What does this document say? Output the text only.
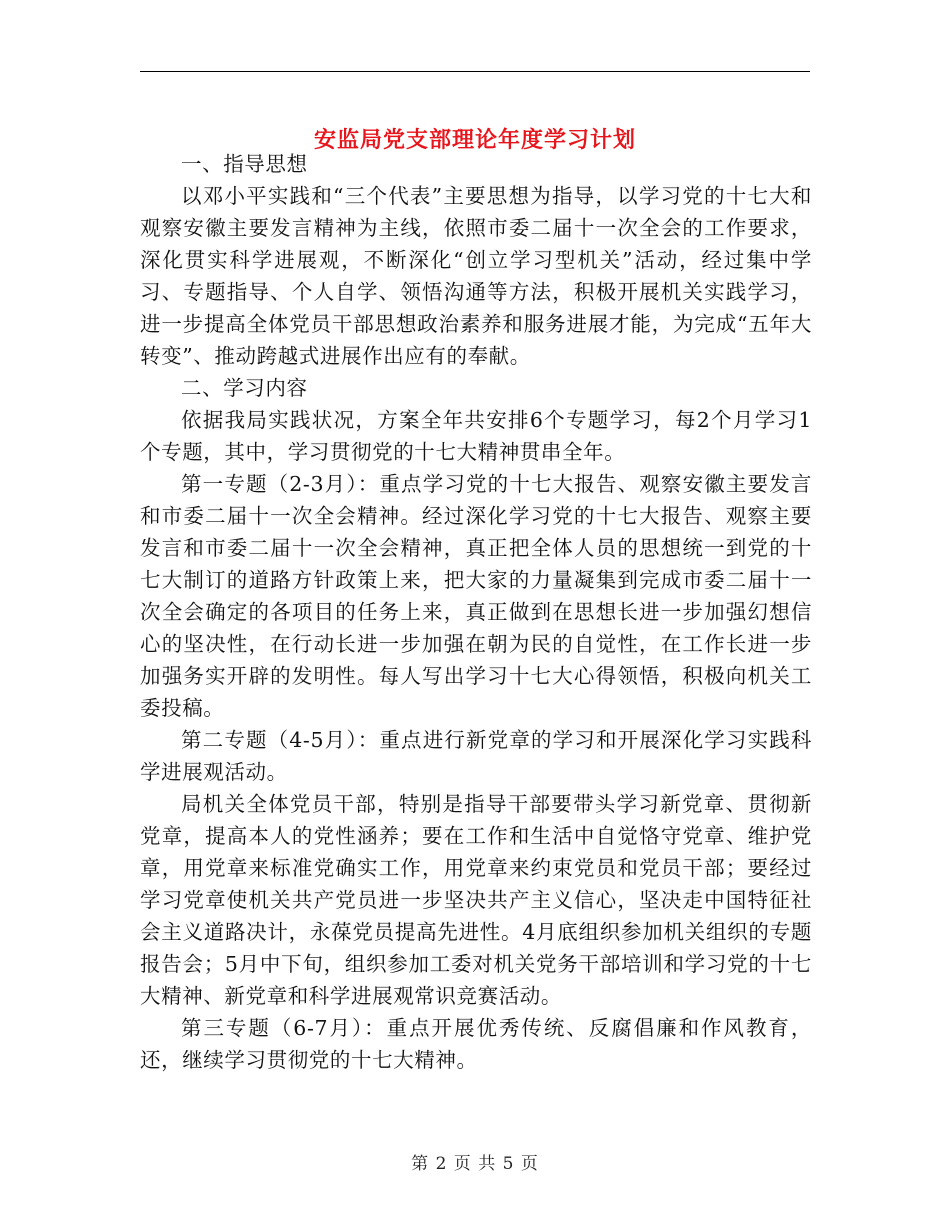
安监局党支部理论年度学习计划

一、指导思想

以邓小平实践和“三个代表”主要思想为指导，以学习党的十七大和观察安徽主要发言精神为主线，依照市委二届十一次全会的工作要求，深化贯实科学进展观，不断深化“创立学习型机关”活动，经过集中学习、专题指导、个人自学、领悟沟通等方法，积极开展机关实践学习，进一步提高全体党员干部思想政治素养和服务进展才能，为完成“五年大转变”、推动跨越式进展作出应有的奉献。

二、学习内容

依据我局实践状况，方案全年共安排6个专题学习，每2个月学习1个专题，其中，学习贯彻党的十七大精神贯串全年。

第一专题（2-3月）：重点学习党的十七大报告、观察安徽主要发言和市委二届十一次全会精神。经过深化学习党的十七大报告、观察主要发言和市委二届十一次全会精神，真正把全体人员的思想统一到党的十七大制订的道路方针政策上来，把大家的力量凝集到完成市委二届十一次全会确定的各项目的任务上来，真正做到在思想长进一步加强幻想信心的坚决性，在行动长进一步加强在朝为民的自觉性，在工作长进一步加强务实开辟的发明性。每人写出学习十七大心得领悟，积极向机关工委投稿。

第二专题（4-5月）：重点进行新党章的学习和开展深化学习实践科学进展观活动。

局机关全体党员干部，特别是指导干部要带头学习新党章、贯彻新党章，提高本人的党性涵养；要在工作和生活中自觉恪守党章、维护党章，用党章来标准党确实工作，用党章来约束党员和党员干部；要经过学习党章使机关共产党员进一步坚决共产主义信心，坚决走中国特征社会主义道路决计，永葆党员提高先进性。4月底组织参加机关组织的专题报告会；5月中下旬，组织参加工委对机关党务干部培训和学习党的十七大精神、新党章和科学进展观常识竞赛活动。

第三专题（6-7月）：重点开展优秀传统、反腐倡廉和作风教育，还，继续学习贯彻党的十七大精神。

第 2 页 共 5 页
